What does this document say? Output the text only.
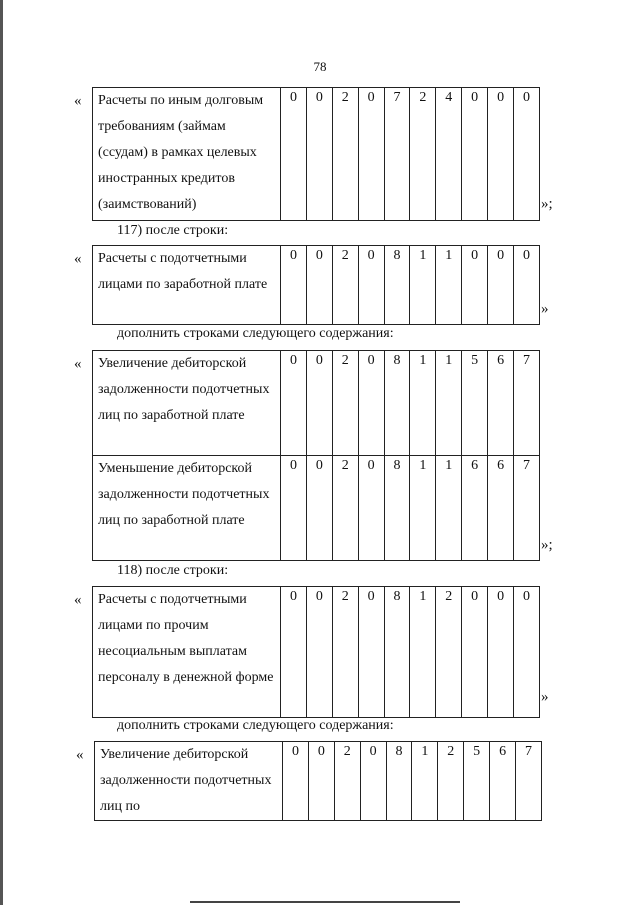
78
« Расчеты по иным долговым требованиям (займам (ссудам) в рамках целевых иностранных кредитов (заимствований)	0	0	2	0	7	2	4	0	0	0
»;
117) после строки:
Расчеты с подотчетными лицами по заработной плате	0	0	2	0	8	1	1	0	0	0
«
»
дополнить строками следующего содержания:
Увеличение дебиторской задолженности подотчетных лиц по заработной плате	0	0	2	0	8	1	1	5	6	7
Уменьшение дебиторской задолженности подотчетных лиц по заработной плате	0	0	2	0	8	1	1	6	6	7
«
»;
118) после строки:
Расчеты с подотчетными лицами по прочим несоциальным выплатам персоналу в денежной форме	0	0	2	0	8	1	2	0	0	0
«
»
дополнить строками следующего содержания:
Увеличение дебиторской задолженности подотчетных лиц по	0	0	2	0	8	1	2	5	6	7
«
